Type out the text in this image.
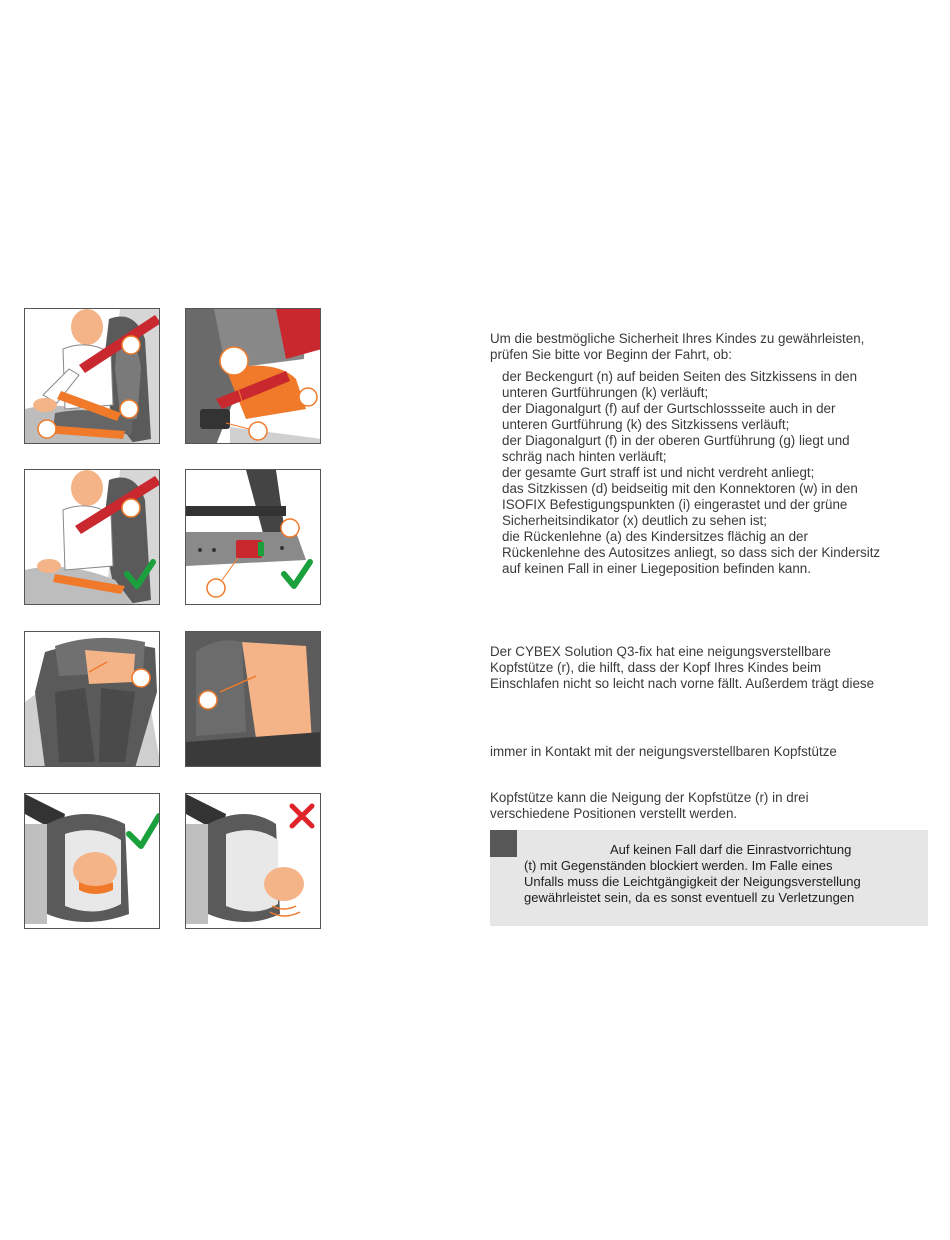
Um die bestmögliche Sicherheit Ihres Kindes zu gewährleisten,
prüfen Sie bitte vor Beginn der Fahrt, ob:
der Beckengurt (n) auf beiden Seiten des Sitzkissens in den
unteren Gurtführungen (k) verläuft;
der Diagonalgurt (f) auf der Gurtschlossseite auch in der
unteren Gurtführung (k) des Sitzkissens verläuft;
der Diagonalgurt (f) in der oberen Gurtführung (g) liegt und
schräg nach hinten verläuft;
der gesamte Gurt straff ist und nicht verdreht anliegt;
das Sitzkissen (d) beidseitig mit den Konnektoren (w) in den
ISOFIX Befestigungspunkten (i) eingerastet und der grüne
Sicherheitsindikator (x) deutlich zu sehen ist;
die Rückenlehne (a) des Kindersitzes flächig an der
Rückenlehne des Autositzes anliegt, so dass sich der Kindersitz
auf keinen Fall in einer Liegeposition befinden kann.
Der CYBEX Solution Q3-fix hat eine neigungsverstellbare
Kopfstütze (r), die hilft, dass der Kopf Ihres Kindes beim
Einschlafen nicht so leicht nach vorne fällt. Außerdem trägt diese
immer in Kontakt mit der neigungsverstellbaren Kopfstütze
Kopfstütze kann die Neigung der Kopfstütze (r) in drei
verschiedene Positionen verstellt werden.
Auf keinen Fall darf die Einrastvorrichtung
(t) mit Gegenständen blockiert werden. Im Falle eines
Unfalls muss die Leichtgängigkeit der Neigungsverstellung
gewährleistet sein, da es sonst eventuell zu Verletzungen
